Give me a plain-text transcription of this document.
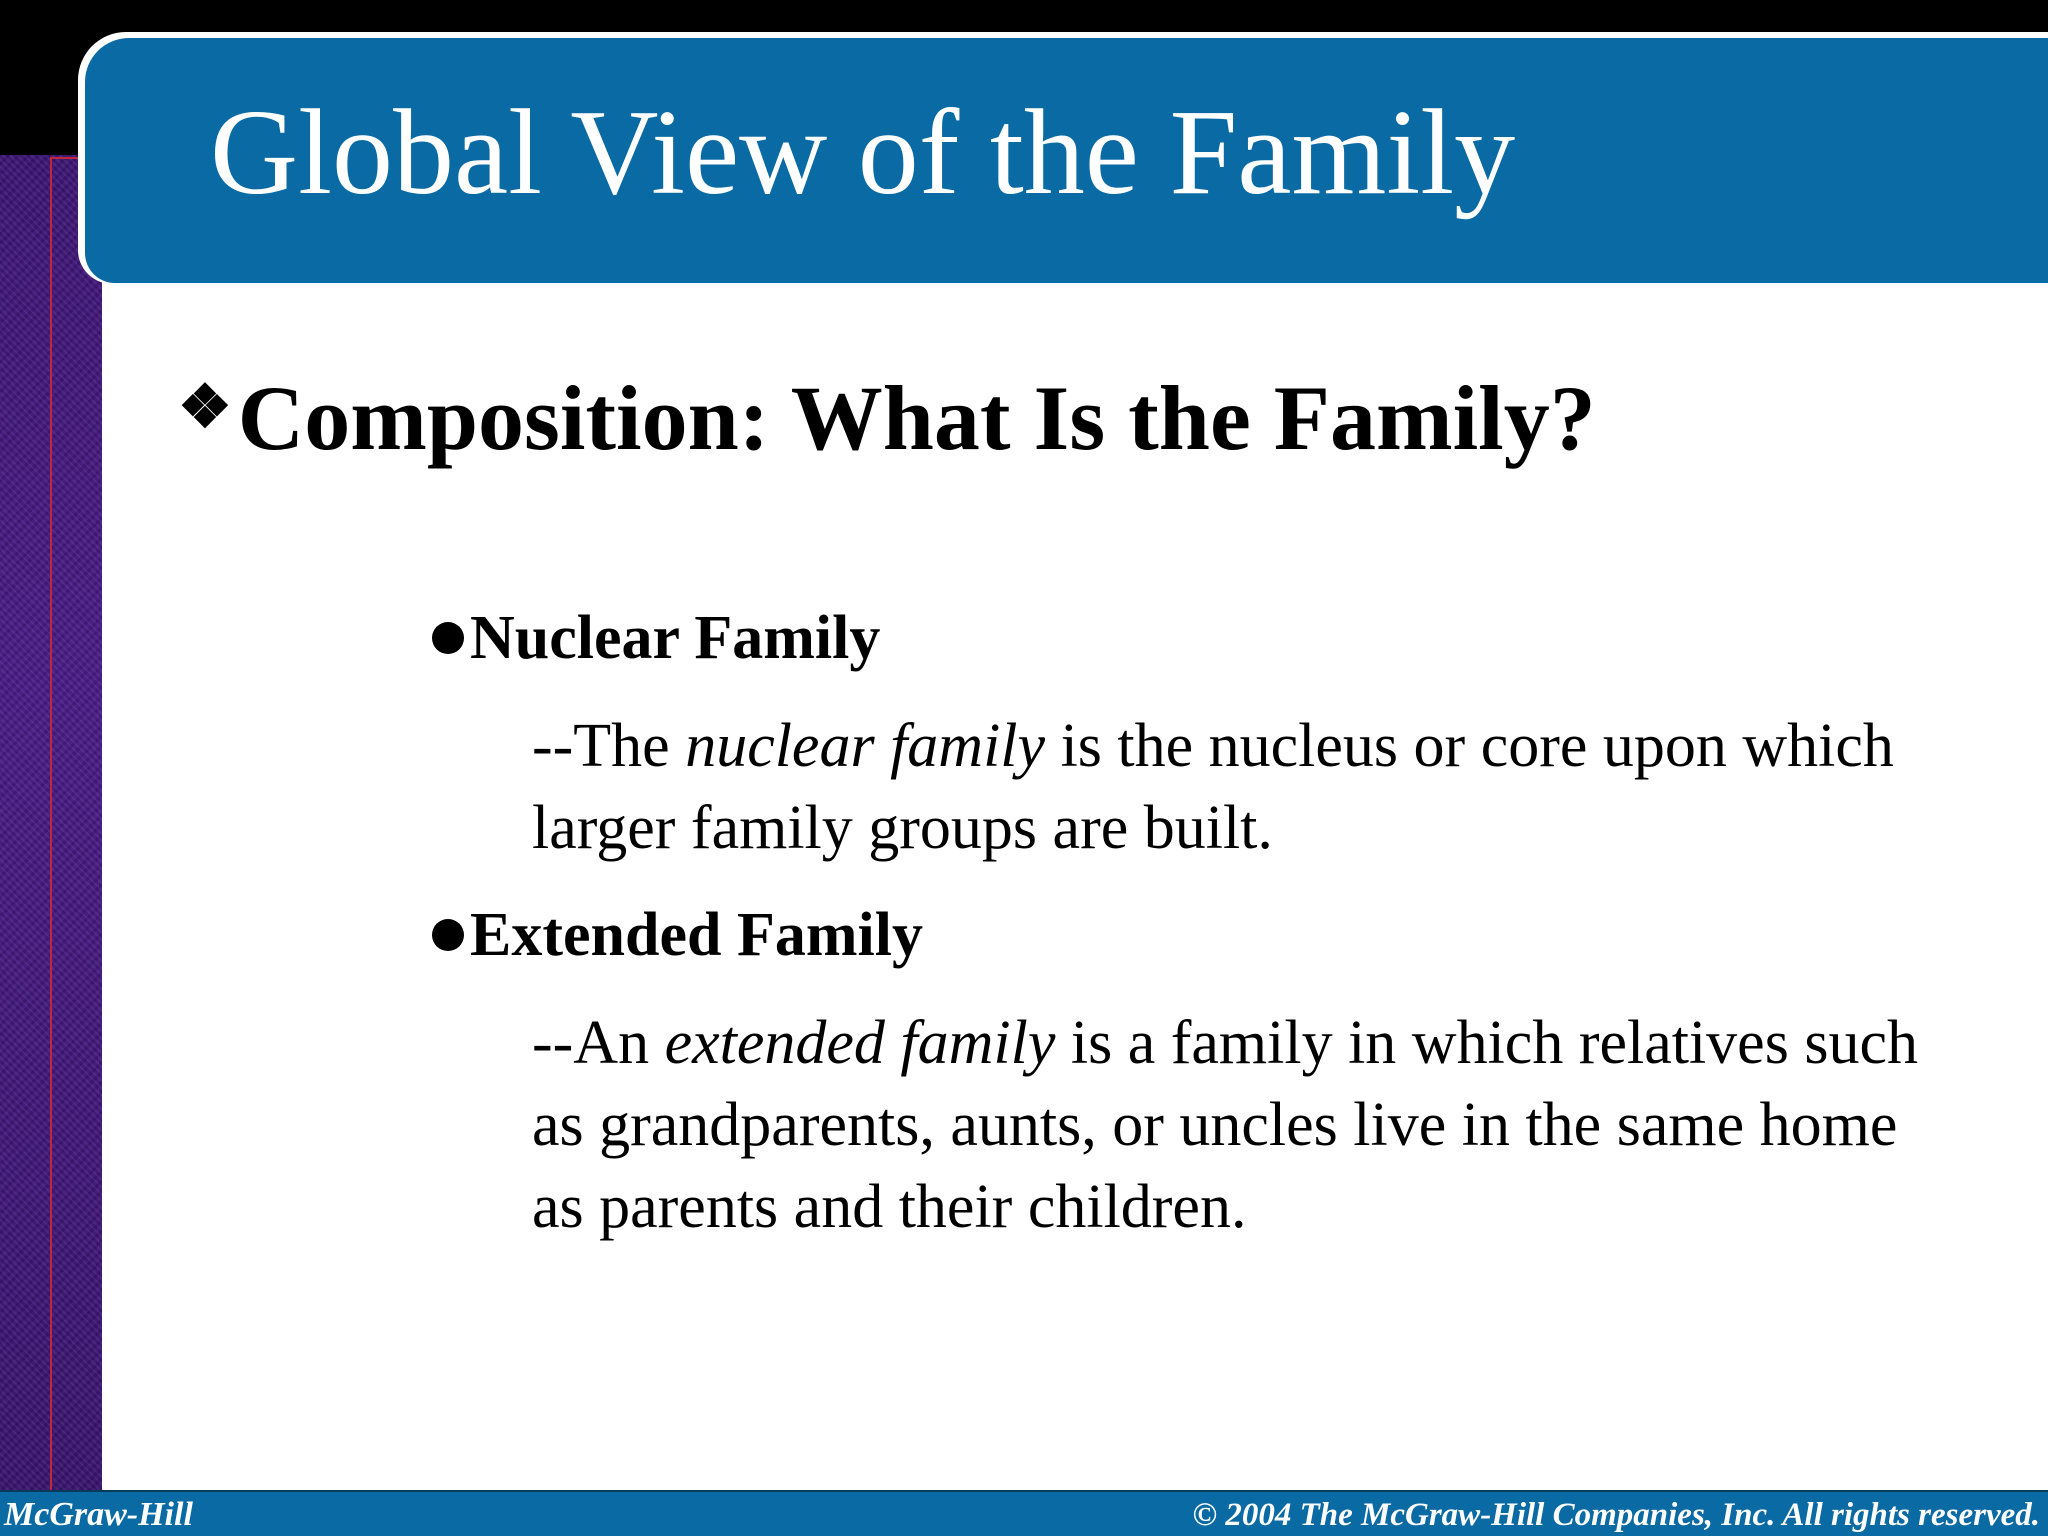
Global View of the Family
❖Composition: What Is the Family?

Nuclear Family

--The nuclear family is the nucleus or core upon which larger family groups are built.

Extended Family

--An extended family is a family in which relatives such as grandparents, aunts, or uncles live in the same home as parents and their children.

McGraw-Hill	© 2004 The McGraw-Hill Companies, Inc. All rights reserved.
